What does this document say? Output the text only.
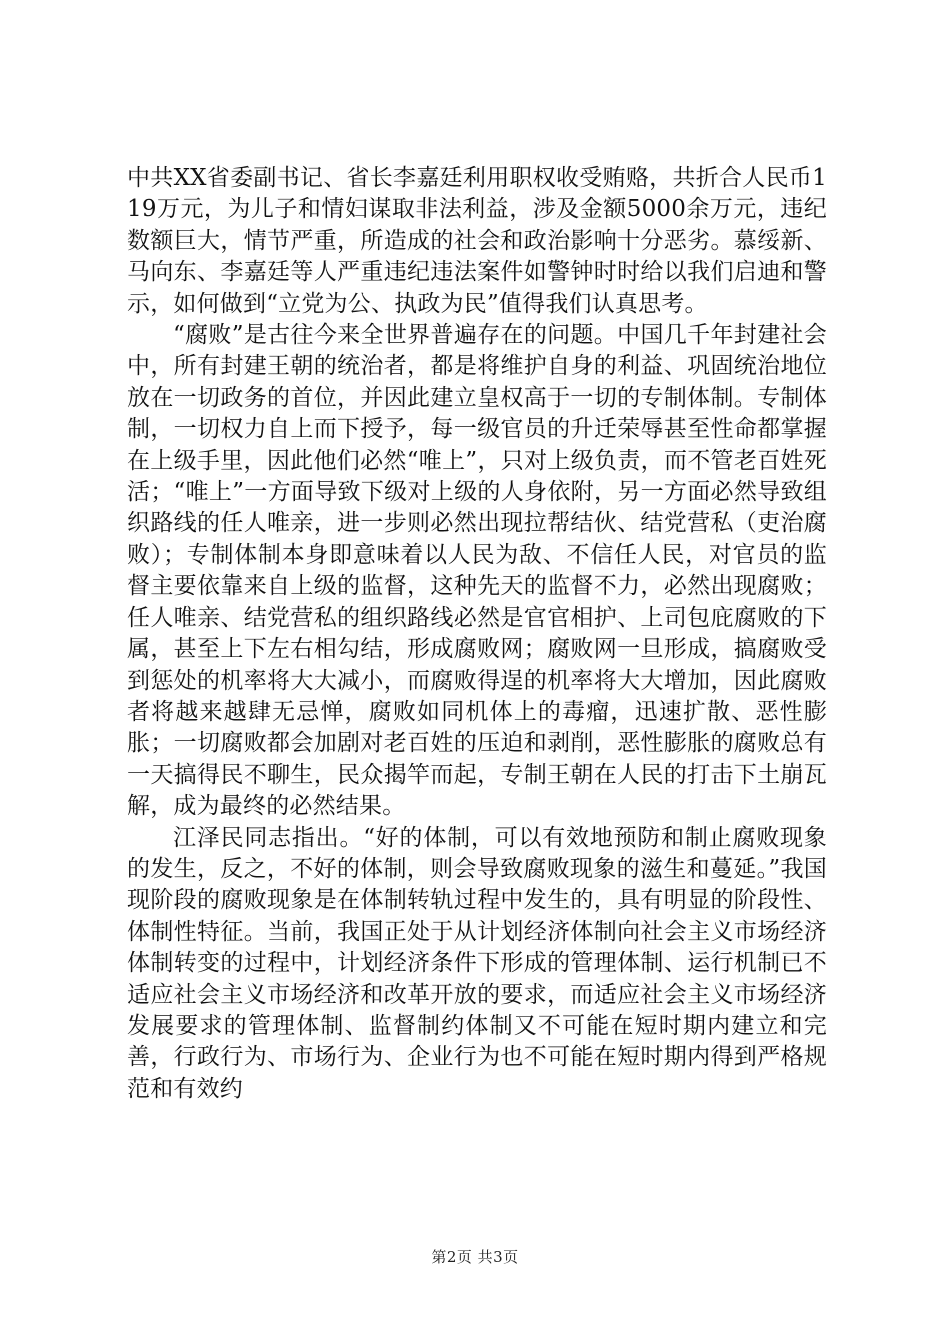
中共XX省委副书记、省长李嘉廷利用职权收受贿赂，共折合人民币119万元，为儿子和情妇谋取非法利益，涉及金额5000余万元，违纪数额巨大，情节严重，所造成的社会和政治影响十分恶劣。慕绥新、马向东、李嘉廷等人严重违纪违法案件如警钟时时给以我们启迪和警示，如何做到“立党为公、执政为民”值得我们认真思考。

“腐败”是古往今来全世界普遍存在的问题。中国几千年封建社会中，所有封建王朝的统治者，都是将维护自身的利益、巩固统治地位放在一切政务的首位，并因此建立皇权高于一切的专制体制。专制体制，一切权力自上而下授予，每一级官员的升迁荣辱甚至性命都掌握在上级手里，因此他们必然“唯上”，只对上级负责，而不管老百姓死活；“唯上”一方面导致下级对上级的人身依附，另一方面必然导致组织路线的任人唯亲，进一步则必然出现拉帮结伙、结党营私（吏治腐败）；专制体制本身即意味着以人民为敌、不信任人民，对官员的监督主要依靠来自上级的监督，这种先天的监督不力，必然出现腐败；任人唯亲、结党营私的组织路线必然是官官相护、上司包庇腐败的下属，甚至上下左右相勾结，形成腐败网；腐败网一旦形成，搞腐败受到惩处的机率将大大减小，而腐败得逞的机率将大大增加，因此腐败者将越来越肆无忌惮，腐败如同机体上的毒瘤，迅速扩散、恶性膨胀；一切腐败都会加剧对老百姓的压迫和剥削，恶性膨胀的腐败总有一天搞得民不聊生，民众揭竿而起，专制王朝在人民的打击下土崩瓦解，成为最终的必然结果。

江泽民同志指出。“好的体制，可以有效地预防和制止腐败现象的发生，反之，不好的体制，则会导致腐败现象的滋生和蔓延。”我国现阶段的腐败现象是在体制转轨过程中发生的，具有明显的阶段性、体制性特征。当前，我国正处于从计划经济体制向社会主义市场经济体制转变的过程中，计划经济条件下形成的管理体制、运行机制已不适应社会主义市场经济和改革开放的要求，而适应社会主义市场经济发展要求的管理体制、监督制约体制又不可能在短时期内建立和完善，行政行为、市场行为、企业行为也不可能在短时期内得到严格规范和有效约

第2页 共3页
